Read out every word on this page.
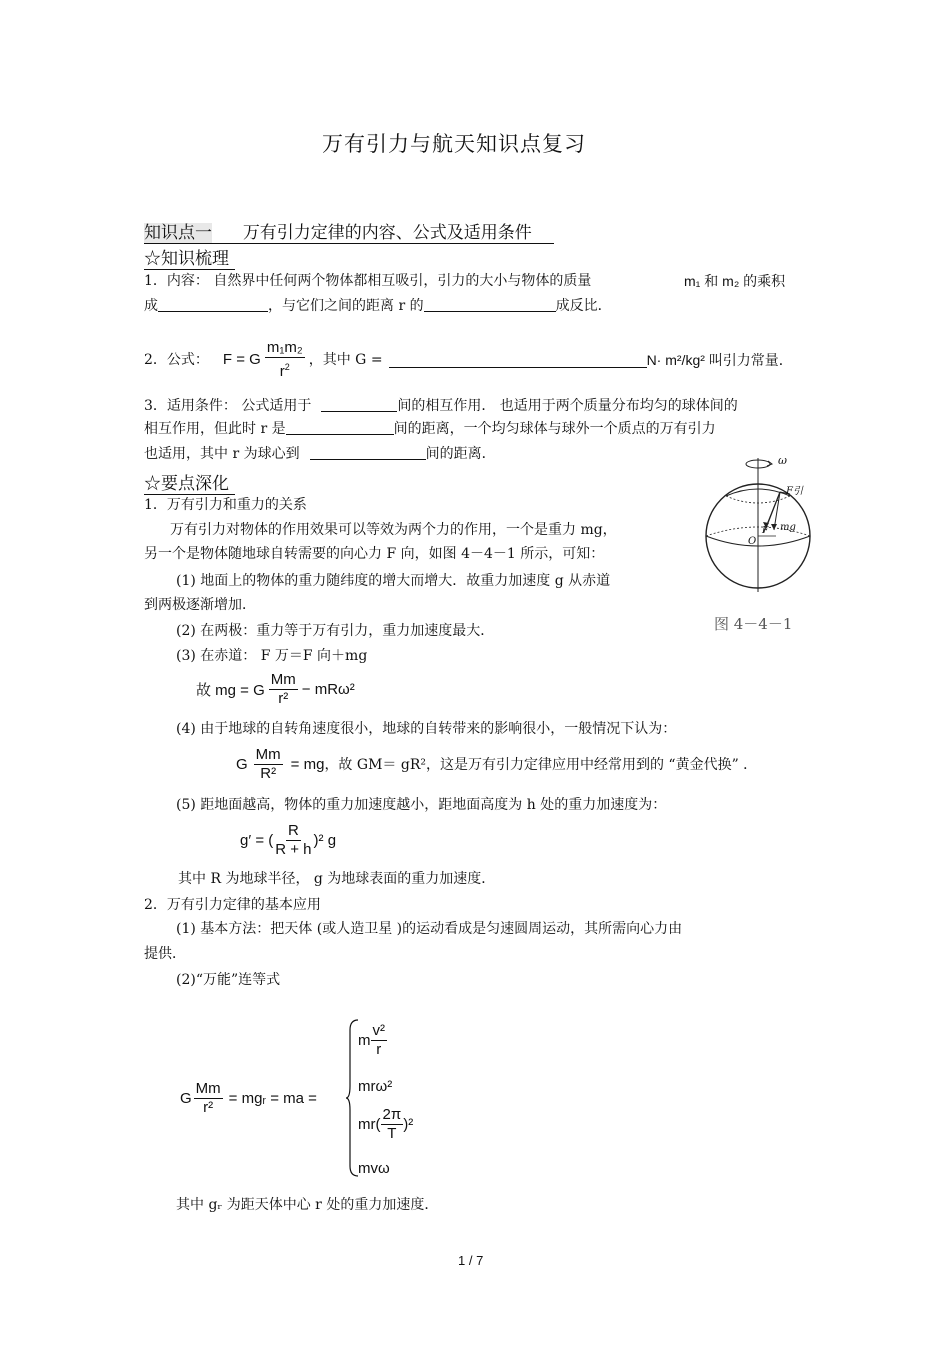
万有引力与航天知识点复习
知识点一 万有引力定律的内容、公式及适用条件
☆知识梳理
1．内容： 自然界中任何两个物体都相互吸引，引力的大小与物体的质量	m₁ 和 m₂ 的乘积
成	，与它们之间的距离 r 的	成反比．
2．公式： F = G $\frac{\text{m₁m₂}}{r^2}$ ，其中 G =	N· m²/kg² 叫引力常量．
3．适用条件： 公式适用于	间的相互作用． 也适用于两个质量分布均匀的球体间的
相互作用，但此时 r 是	间的距离，一个均匀球体与球外一个质点的万有引力
也适用，其中 r 为球心到	间的距离．
☆要点深化
1．万有引力和重力的关系
万有引力对物体的作用效果可以等效为两个力的作用，一个是重力 mg，
另一个是物体随地球自转需要的向心力 F 向，如图 4－4－1 所示，可知：
(1) 地面上的物体的重力随纬度的增大而增大．故重力加速度 g 从赤道
到两极逐渐增加．
(2) 在两极：重力等于万有引力，重力加速度最大．
(3) 在赤道： F 万＝F 向＋mg
故 mg = G $\frac{Mm}{\text{r²}} - mR\omega^2$
(4) 由于地球的自转角速度很小，地球的自转带来的影响很小，一般情况下认为：
G $\frac{Mm}{\text{R²}}$ = mg ，故 GM＝ gR²，这是万有引力定律应用中经常用到的 “黄金代换” ．
(5) 距地面越高，物体的重力加速度越小，距地面高度为 h 处的重力加速度为：
g′ = ( $\frac{R}{R + h} )^2$ g
其中 R 为地球半径， g 为地球表面的重力加速度．
2．万有引力定律的基本应用
(1) 基本方法：把天体 (或人造卫星 )的运动看成是匀速圆周运动，其所需向心力由
提供．
(2)“万能”连等式
G $\frac{Mm}{\text{r²}}$ = mgᵣ = ma =
m $\frac{\text{v²}}{r}$
mrω²
$mr( \frac{2\pi}{T} )^2$
mvω
其中 gᵣ 为距天体中心 r 处的重力加速度．
ω
F引
mg
O
F
图 4－4－1
1 / 7
